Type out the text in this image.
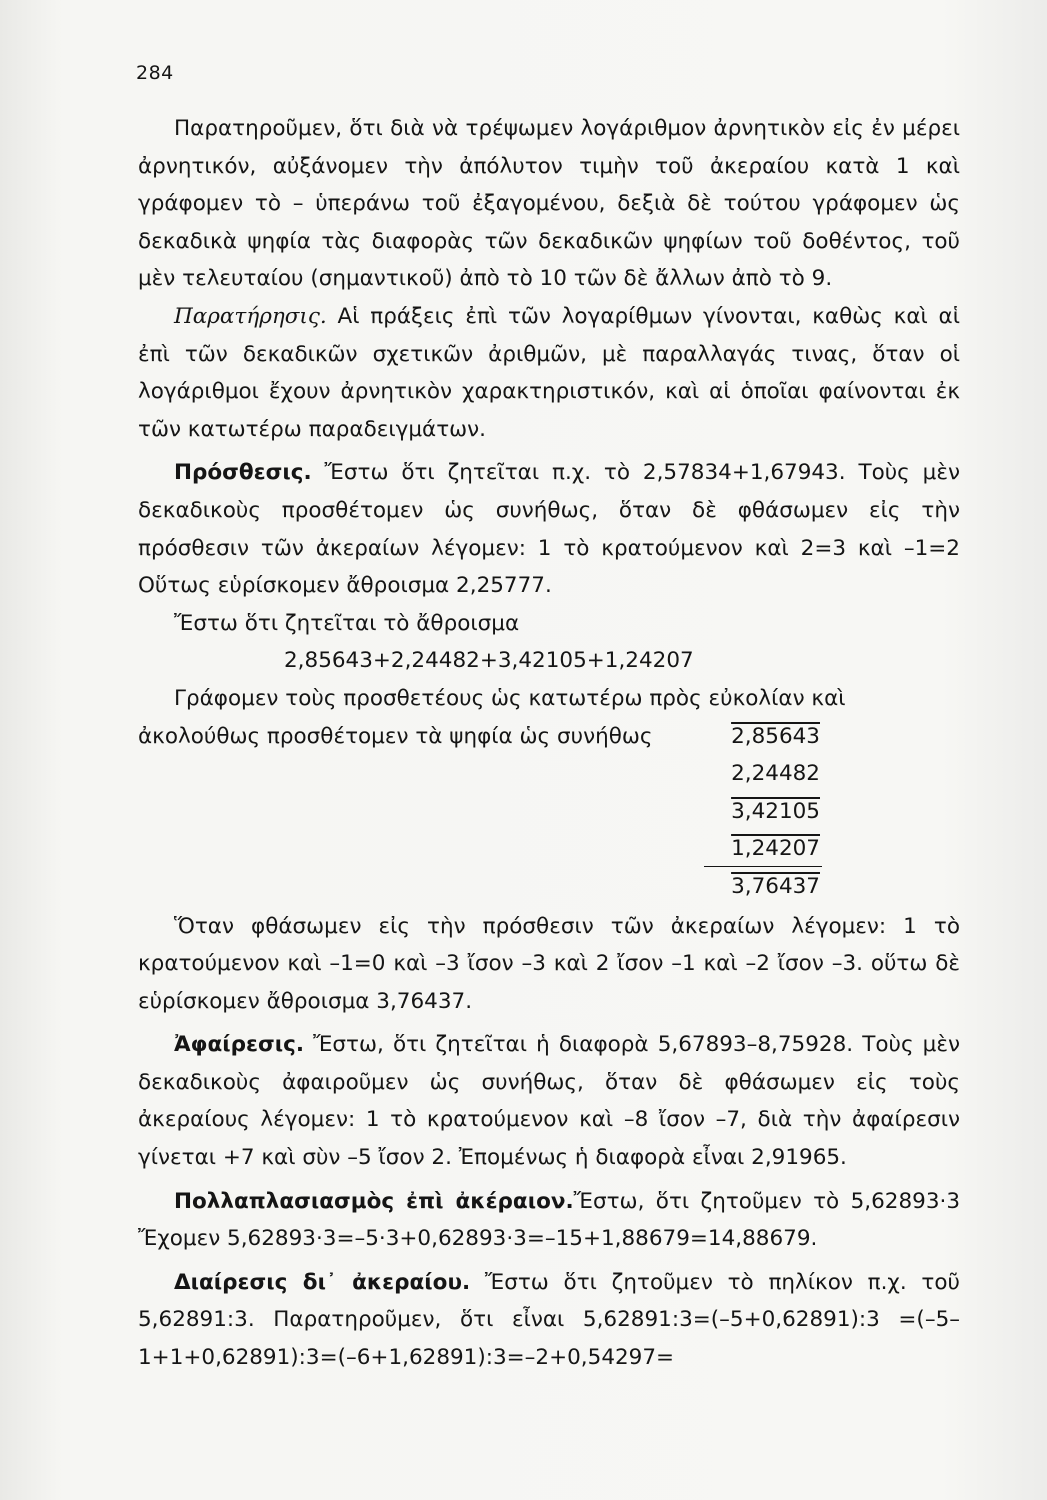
284

Παρατηροῦμεν, ὅτι διὰ νὰ τρέψωμεν λογάριθμον ἀρνητικὸν εἰς ἐν μέρει ἀρνητικόν, αὐξάνομεν τὴν ἀπόλυτον τιμὴν τοῦ ἀκεραίου κατὰ 1 καὶ γράφομεν τὸ – ὑπεράνω τοῦ ἐξαγομένου, δεξιὰ δὲ τούτου γράφομεν ὡς δεκαδικὰ ψηφία τὰς διαφορὰς τῶν δεκαδικῶν ψηφίων τοῦ δοθέντος, τοῦ μὲν τελευταίου (σημαντικοῦ) ἀπὸ τὸ 10 τῶν δὲ ἄλλων ἀπὸ τὸ 9.

Παρατήρησις. Αἱ πράξεις ἐπὶ τῶν λογαρίθμων γίνονται, καθὼς καὶ αἱ ἐπὶ τῶν δεκαδικῶν σχετικῶν ἀριθμῶν, μὲ παραλλαγάς τινας, ὅταν οἱ λογάριθμοι ἔχουν ἀρνητικὸν χαρακτηριστικόν, καὶ αἱ ὁποῖαι φαίνονται ἐκ τῶν κατωτέρω παραδειγμάτων.

Πρόσθεσις. Ἔστω ὅτι ζητεῖται π.χ. τὸ 2,57834+1,67943. Τοὺς μὲν δεκαδικοὺς προσθέτομεν ὡς συνήθως, ὅταν δὲ φθάσωμεν εἰς τὴν πρόσθεσιν τῶν ἀκεραίων λέγομεν: 1 τὸ κρατούμενον καὶ 2=3 καὶ –1=2 Οὕτως εὑρίσκομεν ἄθροισμα 2,25777.

Ἔστω ὅτι ζητεῖται τὸ ἄθροισμα

2,85643+2,24482+3,42105+1,24207

Γράφομεν τοὺς προσθετέους ὡς κατωτέρω πρὸς εὐκολίαν καὶ

ἀκολούθως προσθέτομεν τὰ ψηφία ὡς συνήθως	2,85643
2,24482
3,42105
1,24207
3,76437

Ὅταν φθάσωμεν εἰς τὴν πρόσθεσιν τῶν ἀκεραίων λέγομεν: 1 τὸ κρατούμενον καὶ –1=0 καὶ –3 ἴσον –3 καὶ 2 ἴσον –1 καὶ –2 ἴσον –3. οὕτω δὲ εὑρίσκομεν ἄθροισμα 3,76437.

Ἀφαίρεσις. Ἔστω, ὅτι ζητεῖται ἡ διαφορὰ 5,67893–8,75928. Τοὺς μὲν δεκαδικοὺς ἀφαιροῦμεν ὡς συνήθως, ὅταν δὲ φθάσωμεν εἰς τοὺς ἀκεραίους λέγομεν: 1 τὸ κρατούμενον καὶ –8 ἴσον –7, διὰ τὴν ἀφαίρεσιν γίνεται +7 καὶ σὺν –5 ἴσον 2. Ἐπομένως ἡ διαφορὰ εἶναι 2,91965.

Πολλαπλασιασμὸς ἐπὶ ἀκέραιον.Ἔστω, ὅτι ζητοῦμεν τὸ 5,62893·3 Ἔχομεν 5,62893·3=–5·3+0,62893·3=–15+1,88679=14,88679.

Διαίρεσις δι᾽ ἀκεραίου. Ἔστω ὅτι ζητοῦμεν τὸ πηλίκον π.χ. τοῦ 5,62891:3. Παρατηροῦμεν, ὅτι εἶναι 5,62891:3=(–5+0,62891):3 =(–5–1+1+0,62891):3=(–6+1,62891):3=–2+0,54297=
